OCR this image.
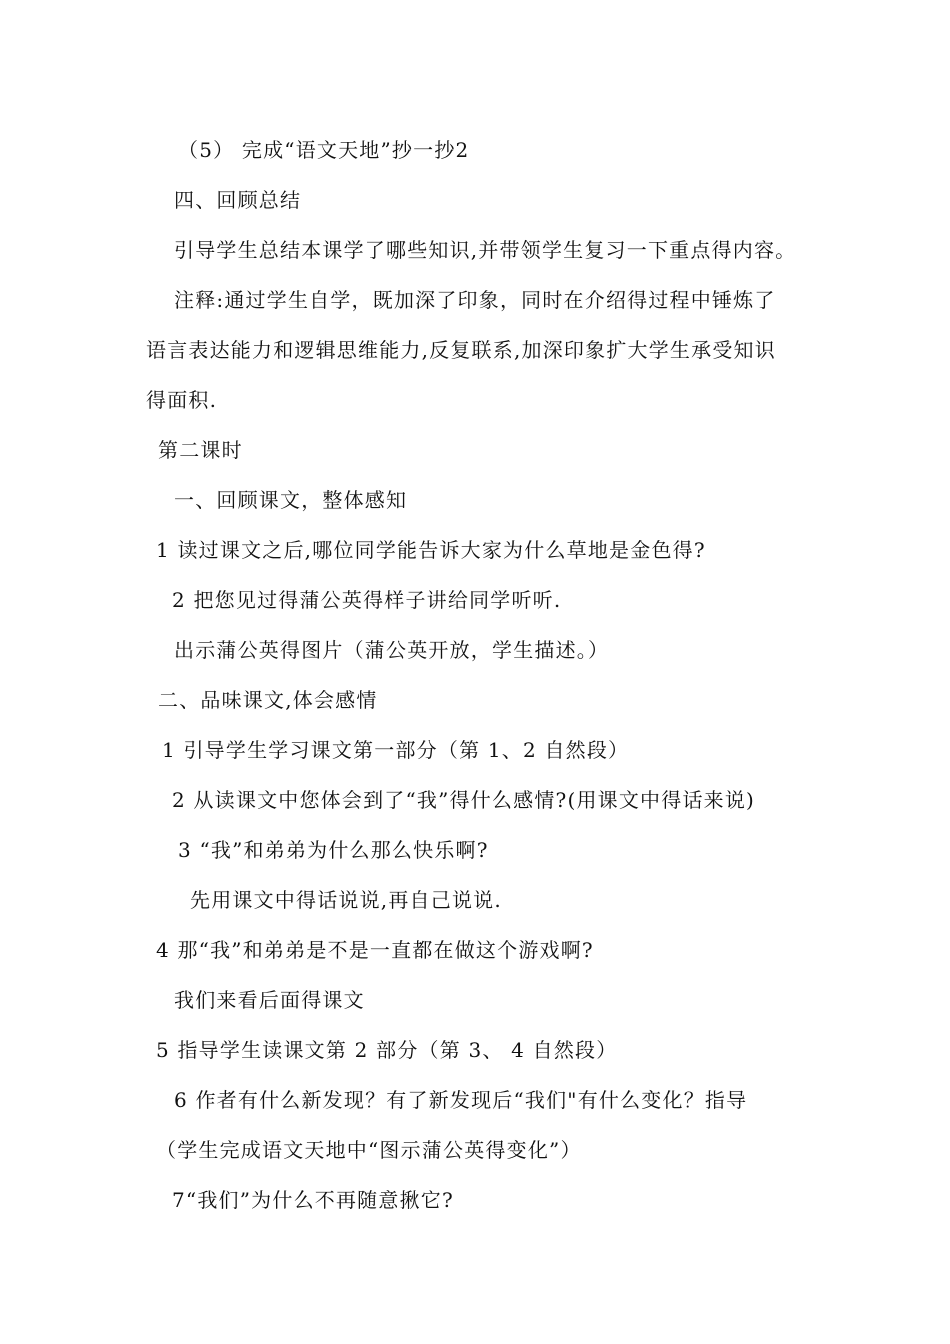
（5） 完成“语文天地”抄一抄2
四、回顾总结
引导学生总结本课学了哪些知识,并带领学生复习一下重点得内容。
注释:通过学生自学，既加深了印象，同时在介绍得过程中锤炼了
语言表达能力和逻辑思维能力,反复联系,加深印象扩大学生承受知识
得面积.
第二课时
一、回顾课文，整体感知
1 读过课文之后,哪位同学能告诉大家为什么草地是金色得?
2 把您见过得蒲公英得样子讲给同学听听.
出示蒲公英得图片（蒲公英开放，学生描述。）
二、品味课文,体会感情
1 引导学生学习课文第一部分（第 1、2 自然段）
2 从读课文中您体会到了“我”得什么感情?(用课文中得话来说)
3 “我”和弟弟为什么那么快乐啊?
先用课文中得话说说,再自己说说.
4 那“我”和弟弟是不是一直都在做这个游戏啊?
我们来看后面得课文
5 指导学生读课文第 2 部分（第 3、 4 自然段）
6 作者有什么新发现？有了新发现后“我们"有什么变化？指导
（学生完成语文天地中“图示蒲公英得变化”）
7“我们”为什么不再随意揪它?
